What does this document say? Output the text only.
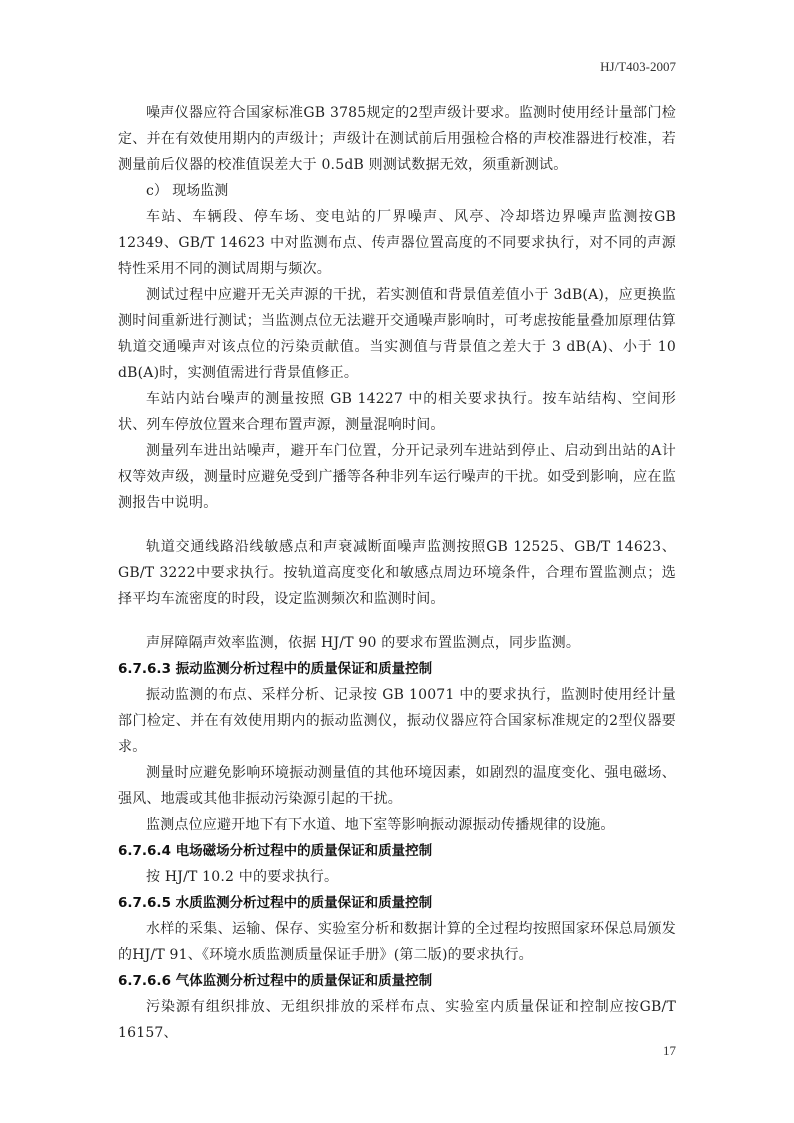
HJ/T403-2007

噪声仪器应符合国家标准GB 3785规定的2型声级计要求。监测时使用经计量部门检定、并在有效使用期内的声级计；声级计在测试前后用强检合格的声校准器进行校准，若测量前后仪器的校准值误差大于 0.5dB 则测试数据无效，须重新测试。

c） 现场监测

车站、车辆段、停车场、变电站的厂界噪声、风亭、冷却塔边界噪声监测按GB 12349、GB/T 14623 中对监测布点、传声器位置高度的不同要求执行，对不同的声源特性采用不同的测试周期与频次。

测试过程中应避开无关声源的干扰，若实测值和背景值差值小于 3dB(A)，应更换监测时间重新进行测试；当监测点位无法避开交通噪声影响时，可考虑按能量叠加原理估算轨道交通噪声对该点位的污染贡献值。当实测值与背景值之差大于 3 dB(A)、小于 10 dB(A)时，实测值需进行背景值修正。

车站内站台噪声的测量按照 GB 14227 中的相关要求执行。按车站结构、空间形状、列车停放位置来合理布置声源，测量混响时间。

测量列车进出站噪声，避开车门位置，分开记录列车进站到停止、启动到出站的A计权等效声级，测量时应避免受到广播等各种非列车运行噪声的干扰。如受到影响，应在监测报告中说明。

轨道交通线路沿线敏感点和声衰减断面噪声监测按照GB 12525、GB/T 14623、GB/T 3222中要求执行。按轨道高度变化和敏感点周边环境条件，合理布置监测点；选择平均车流密度的时段，设定监测频次和监测时间。

声屏障隔声效率监测，依据 HJ/T 90 的要求布置监测点，同步监测。

6.7.6.3 振动监测分析过程中的质量保证和质量控制

振动监测的布点、采样分析、记录按 GB 10071 中的要求执行，监测时使用经计量部门检定、并在有效使用期内的振动监测仪，振动仪器应符合国家标准规定的2型仪器要求。

测量时应避免影响环境振动测量值的其他环境因素，如剧烈的温度变化、强电磁场、强风、地震或其他非振动污染源引起的干扰。

监测点位应避开地下有下水道、地下室等影响振动源振动传播规律的设施。

6.7.6.4 电场磁场分析过程中的质量保证和质量控制

按 HJ/T 10.2 中的要求执行。

6.7.6.5 水质监测分析过程中的质量保证和质量控制

水样的采集、运输、保存、实验室分析和数据计算的全过程均按照国家环保总局颁发的HJ/T 91、《环境水质监测质量保证手册》(第二版)的要求执行。

6.7.6.6 气体监测分析过程中的质量保证和质量控制

污染源有组织排放、无组织排放的采样布点、实验室内质量保证和控制应按GB/T 16157、

17
